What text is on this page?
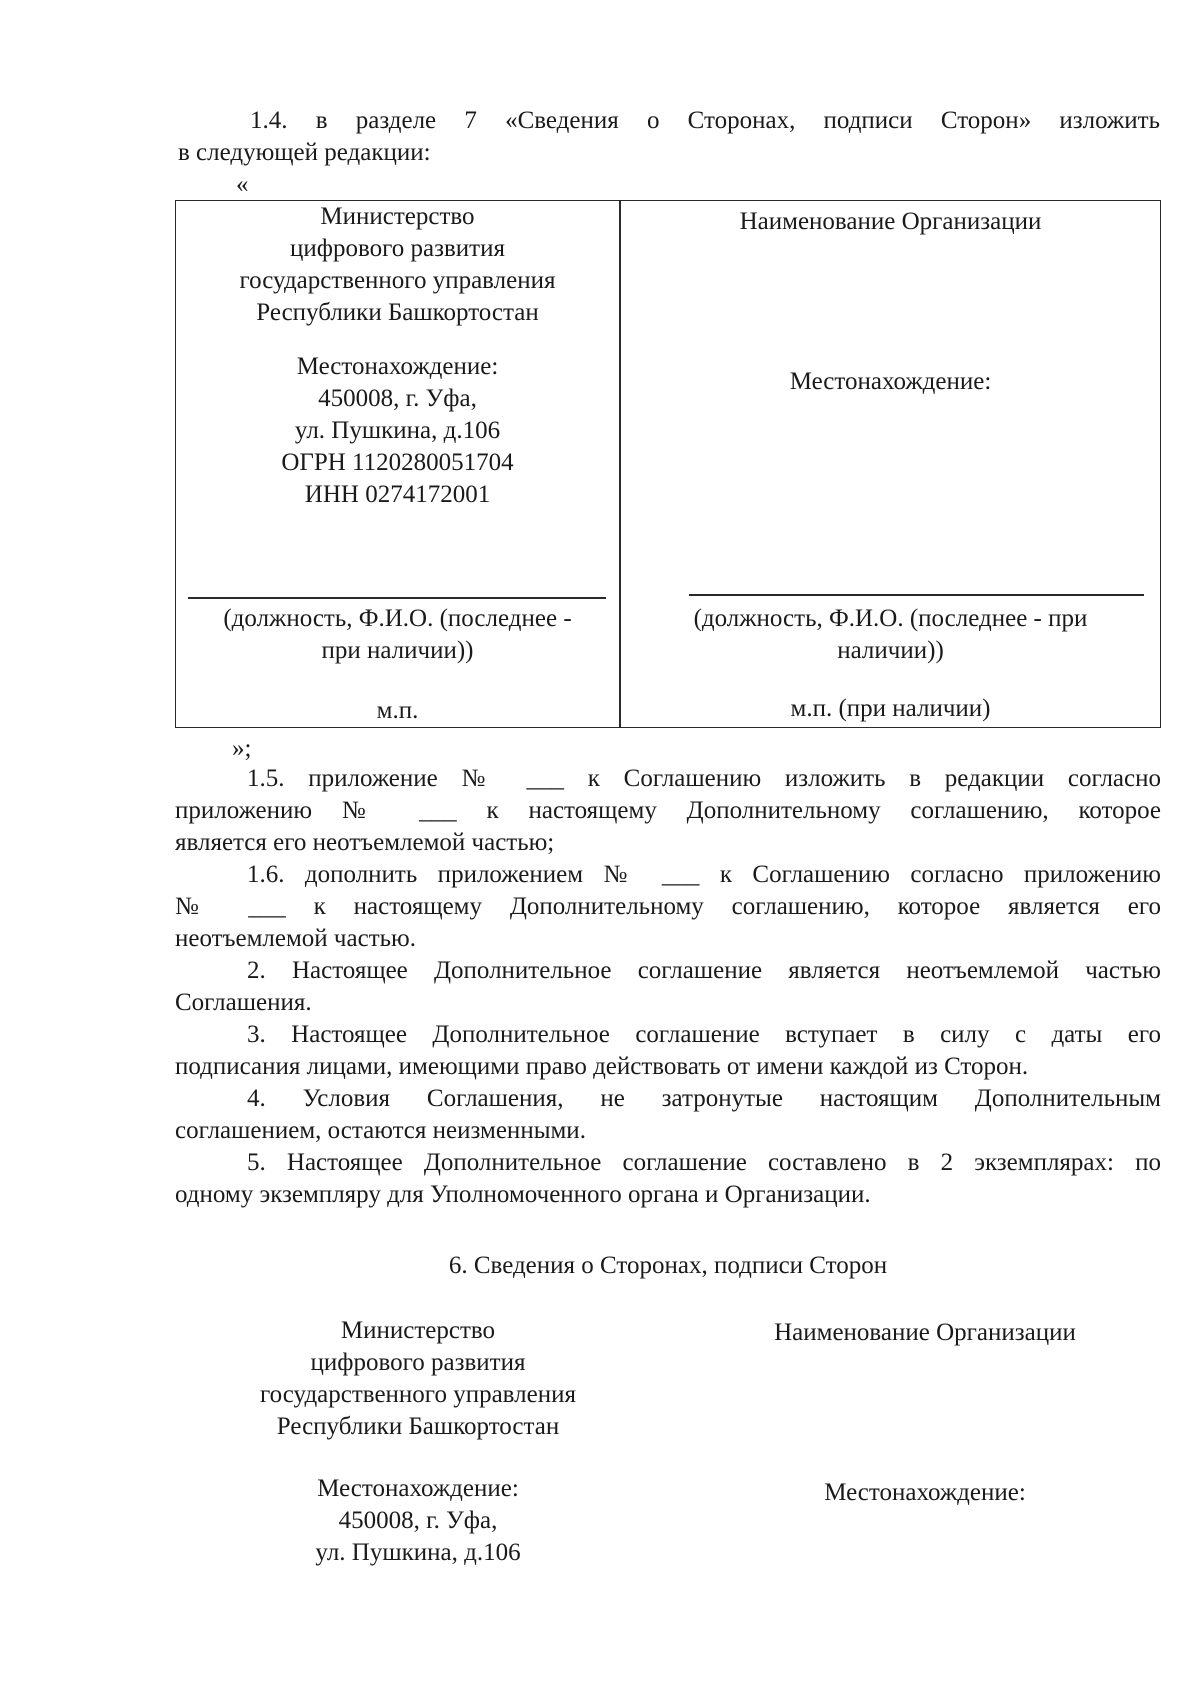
1.4. в разделе 7 «Сведения о Сторонах, подписи Сторон» изложить

в следующей редакции:

«
Министерство
цифрового развития
государственного управления
Республики Башкортостан
Местонахождение:
450008, г. Уфа,
ул. Пушкина, д.106
ОГРН 1120280051704
ИНН 0274172001
(должность, Ф.И.О. (последнее -
при наличии))
м.п.
Наименование Организации
Местонахождение:
(должность, Ф.И.О. (последнее - при
наличии))
м.п. (при наличии)
»;

1.5. приложение № ___ к Соглашению изложить в редакции согласно

приложению № ___ к настоящему Дополнительному соглашению, которое

является его неотъемлемой частью;

1.6. дополнить приложением № ___ к Соглашению согласно приложению

№ ___ к настоящему Дополнительному соглашению, которое является его

неотъемлемой частью.

2. Настоящее Дополнительное соглашение является неотъемлемой частью

Соглашения.

3. Настоящее Дополнительное соглашение вступает в силу с даты его

подписания лицами, имеющими право действовать от имени каждой из Сторон.

4. Условия Соглашения, не затронутые настоящим Дополнительным

соглашением, остаются неизменными.

5. Настоящее Дополнительное соглашение составлено в 2 экземплярах: по

одному экземпляру для Уполномоченного органа и Организации.

6. Сведения о Сторонах, подписи Сторон
Министерство
цифрового развития
государственного управления
Республики Башкортостан
Местонахождение:
450008, г. Уфа,
ул. Пушкина, д.106
Наименование Организации
Местонахождение:
